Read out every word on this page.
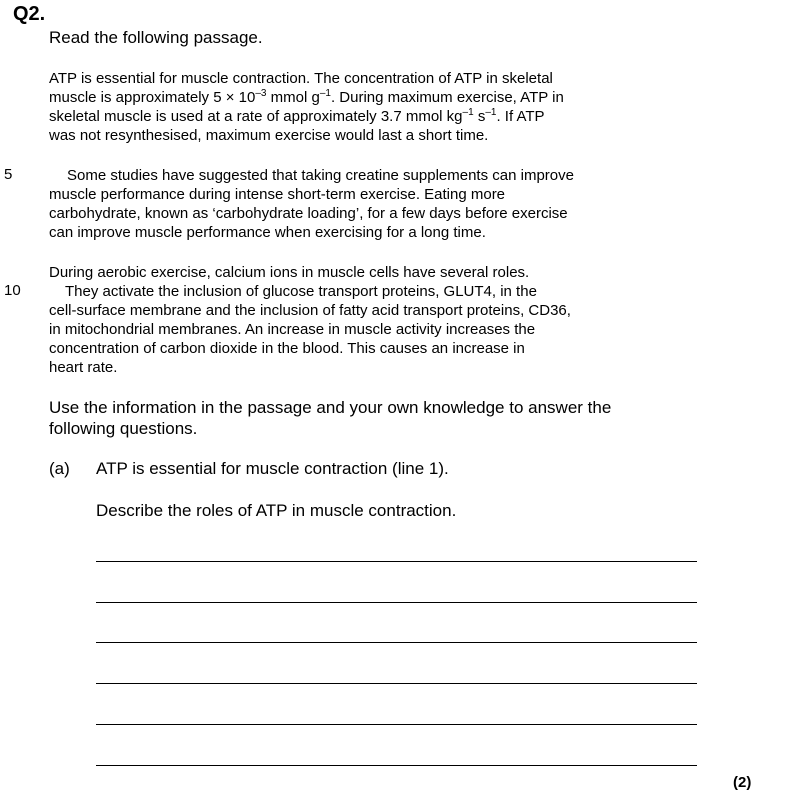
Q2.
Read the following passage.
ATP is essential for muscle contraction. The concentration of ATP in skeletal
muscle is approximately $5 \times 10^{-3}$ mmol $g^{-1}$. During maximum exercise, ATP in
skeletal muscle is used at a rate of approximately 3.7 mmol $kg^{-1}$ $s^{-1}$. If ATP
was not resynthesised, maximum exercise would last a short time.
5	Some studies have suggested that taking creatine supplements can improve
muscle performance during intense short-term exercise. Eating more
carbohydrate, known as ‘carbohydrate loading’, for a few days before exercise
can improve muscle performance when exercising for a long time.
During aerobic exercise, calcium ions in muscle cells have several roles.
10	They activate the inclusion of glucose transport proteins, GLUT4, in the
cell-surface membrane and the inclusion of fatty acid transport proteins, CD36,
in mitochondrial membranes. An increase in muscle activity increases the
concentration of carbon dioxide in the blood. This causes an increase in
heart rate.
Use the information in the passage and your own knowledge to answer the
following questions.
(a) ATP is essential for muscle contraction (line 1).
Describe the roles of ATP in muscle contraction.
(2)
